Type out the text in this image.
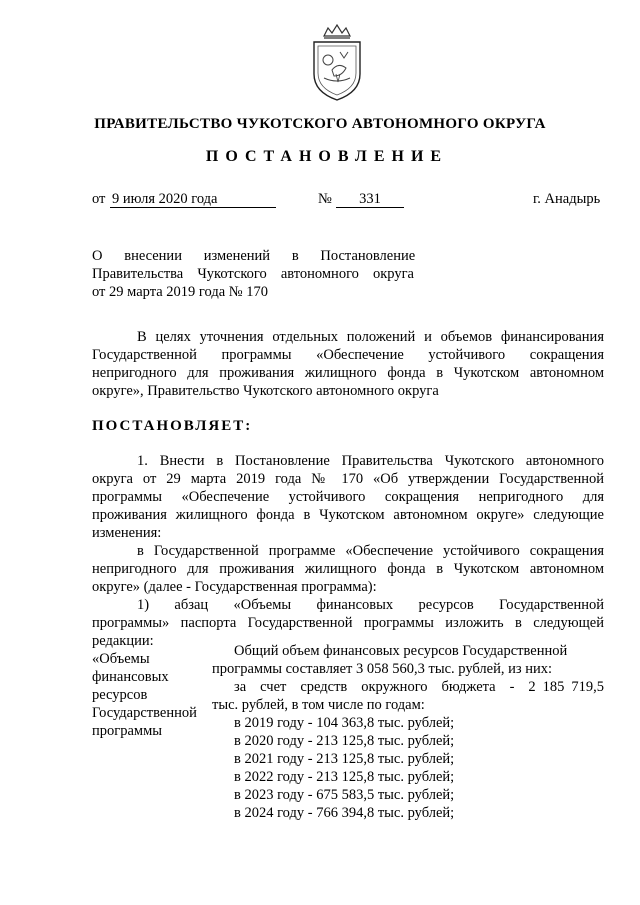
ПРАВИТЕЛЬСТВО ЧУКОТСКОГО АВТОНОМНОГО ОКРУГА
ПОСТАНОВЛЕНИЕ
от 9 июля 2020 года	№	331	г. Анадырь
О      внесении      изменений      в      Постановление
Правительства Чукотского автономного округа
от 29 марта 2019 года № 170
В целях уточнения отдельных положений и объемов финансирования
Государственной программы «Обеспечение устойчивого сокращения
непригодного для проживания жилищного фонда в Чукотском автономном
округе», Правительство Чукотского автономного округа
ПОСТАНОВЛЯЕТ:
1. Внести в Постановление Правительства Чукотского автономного
округа от 29 марта 2019 года № 170 «Об утверждении Государственной
программы «Обеспечение устойчивого сокращения непригодного для
проживания жилищного фонда в Чукотском автономном округе» следующие
изменения:
в Государственной программе «Обеспечение устойчивого сокращения
непригодного для проживания жилищного фонда в Чукотском автономном
округе» (далее - Государственная программа):
1)  абзац  «Объемы  финансовых  ресурсов  Государственной
программы» паспорта Государственной программы изложить в следующей
редакции:
«Объемы
финансовых
ресурсов
Государственной
программы
Общий объем финансовых ресурсов Государственной
программы составляет 3 058 560,3 тыс. рублей, из них:
за  счет  средств  окружного  бюджета  -  2 185 719,5
тыс. рублей, в том числе по годам:
в 2019 году - 104 363,8 тыс. рублей;
в 2020 году - 213 125,8 тыс. рублей;
в 2021 году - 213 125,8 тыс. рублей;
в 2022 году - 213 125,8 тыс. рублей;
в 2023 году - 675 583,5 тыс. рублей;
в 2024 году - 766 394,8 тыс. рублей;
